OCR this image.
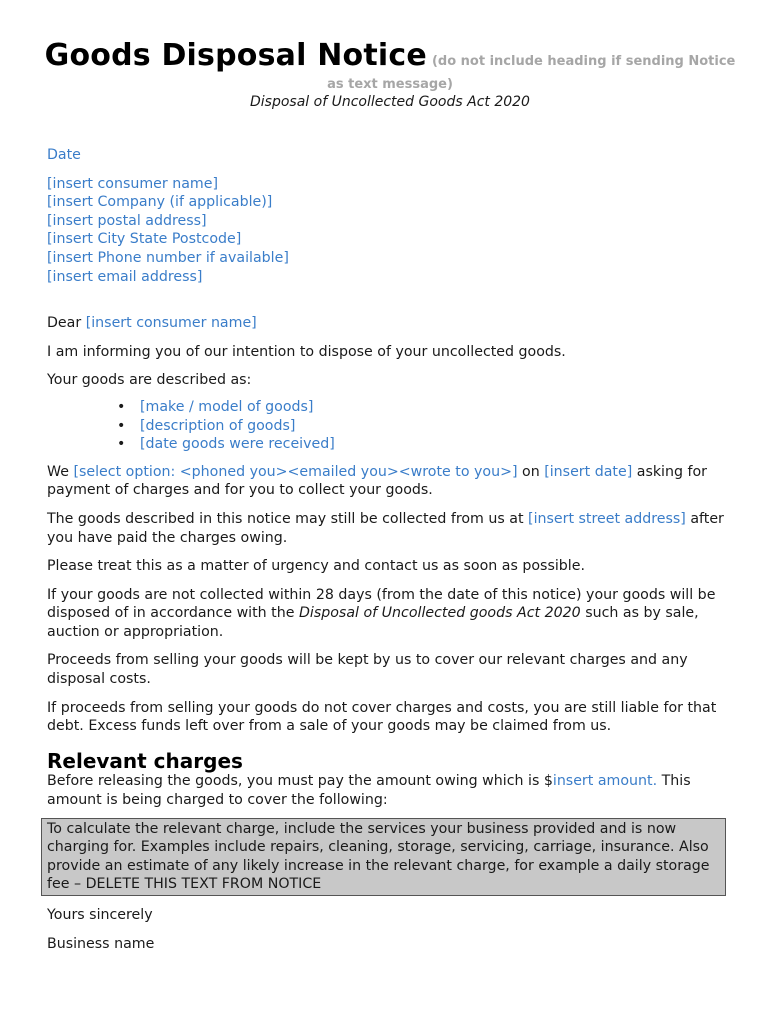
Goods Disposal Notice (do not include heading if sending Notice as text message)
Disposal of Uncollected Goods Act 2020

Date

[insert consumer name]

[insert Company (if applicable)]

[insert postal address]

[insert City State Postcode]

[insert Phone number if available]

[insert email address]

Dear [insert consumer name]

I am informing you of our intention to dispose of your uncollected goods.

Your goods are described as:

• [make / model of goods]
• [description of goods]
• [date goods were received]

We [select option: <phoned you><emailed you><wrote to you>] on [insert date] asking for payment of charges and for you to collect your goods.

The goods described in this notice may still be collected from us at [insert street address] after you have paid the charges owing.

Please treat this as a matter of urgency and contact us as soon as possible.

If your goods are not collected within 28 days (from the date of this notice) your goods will be disposed of in accordance with the Disposal of Uncollected goods Act 2020 such as by sale, auction or appropriation.

Proceeds from selling your goods will be kept by us to cover our relevant charges and any disposal costs.

If proceeds from selling your goods do not cover charges and costs, you are still liable for that debt. Excess funds left over from a sale of your goods may be claimed from us.

Relevant charges

Before releasing the goods, you must pay the amount owing which is $insert amount. This amount is being charged to cover the following:

To calculate the relevant charge, include the services your business provided and is now charging for. Examples include repairs, cleaning, storage, servicing, carriage, insurance. Also provide an estimate of any likely increase in the relevant charge, for example a daily storage fee – DELETE THIS TEXT FROM NOTICE

Yours sincerely

Business name
